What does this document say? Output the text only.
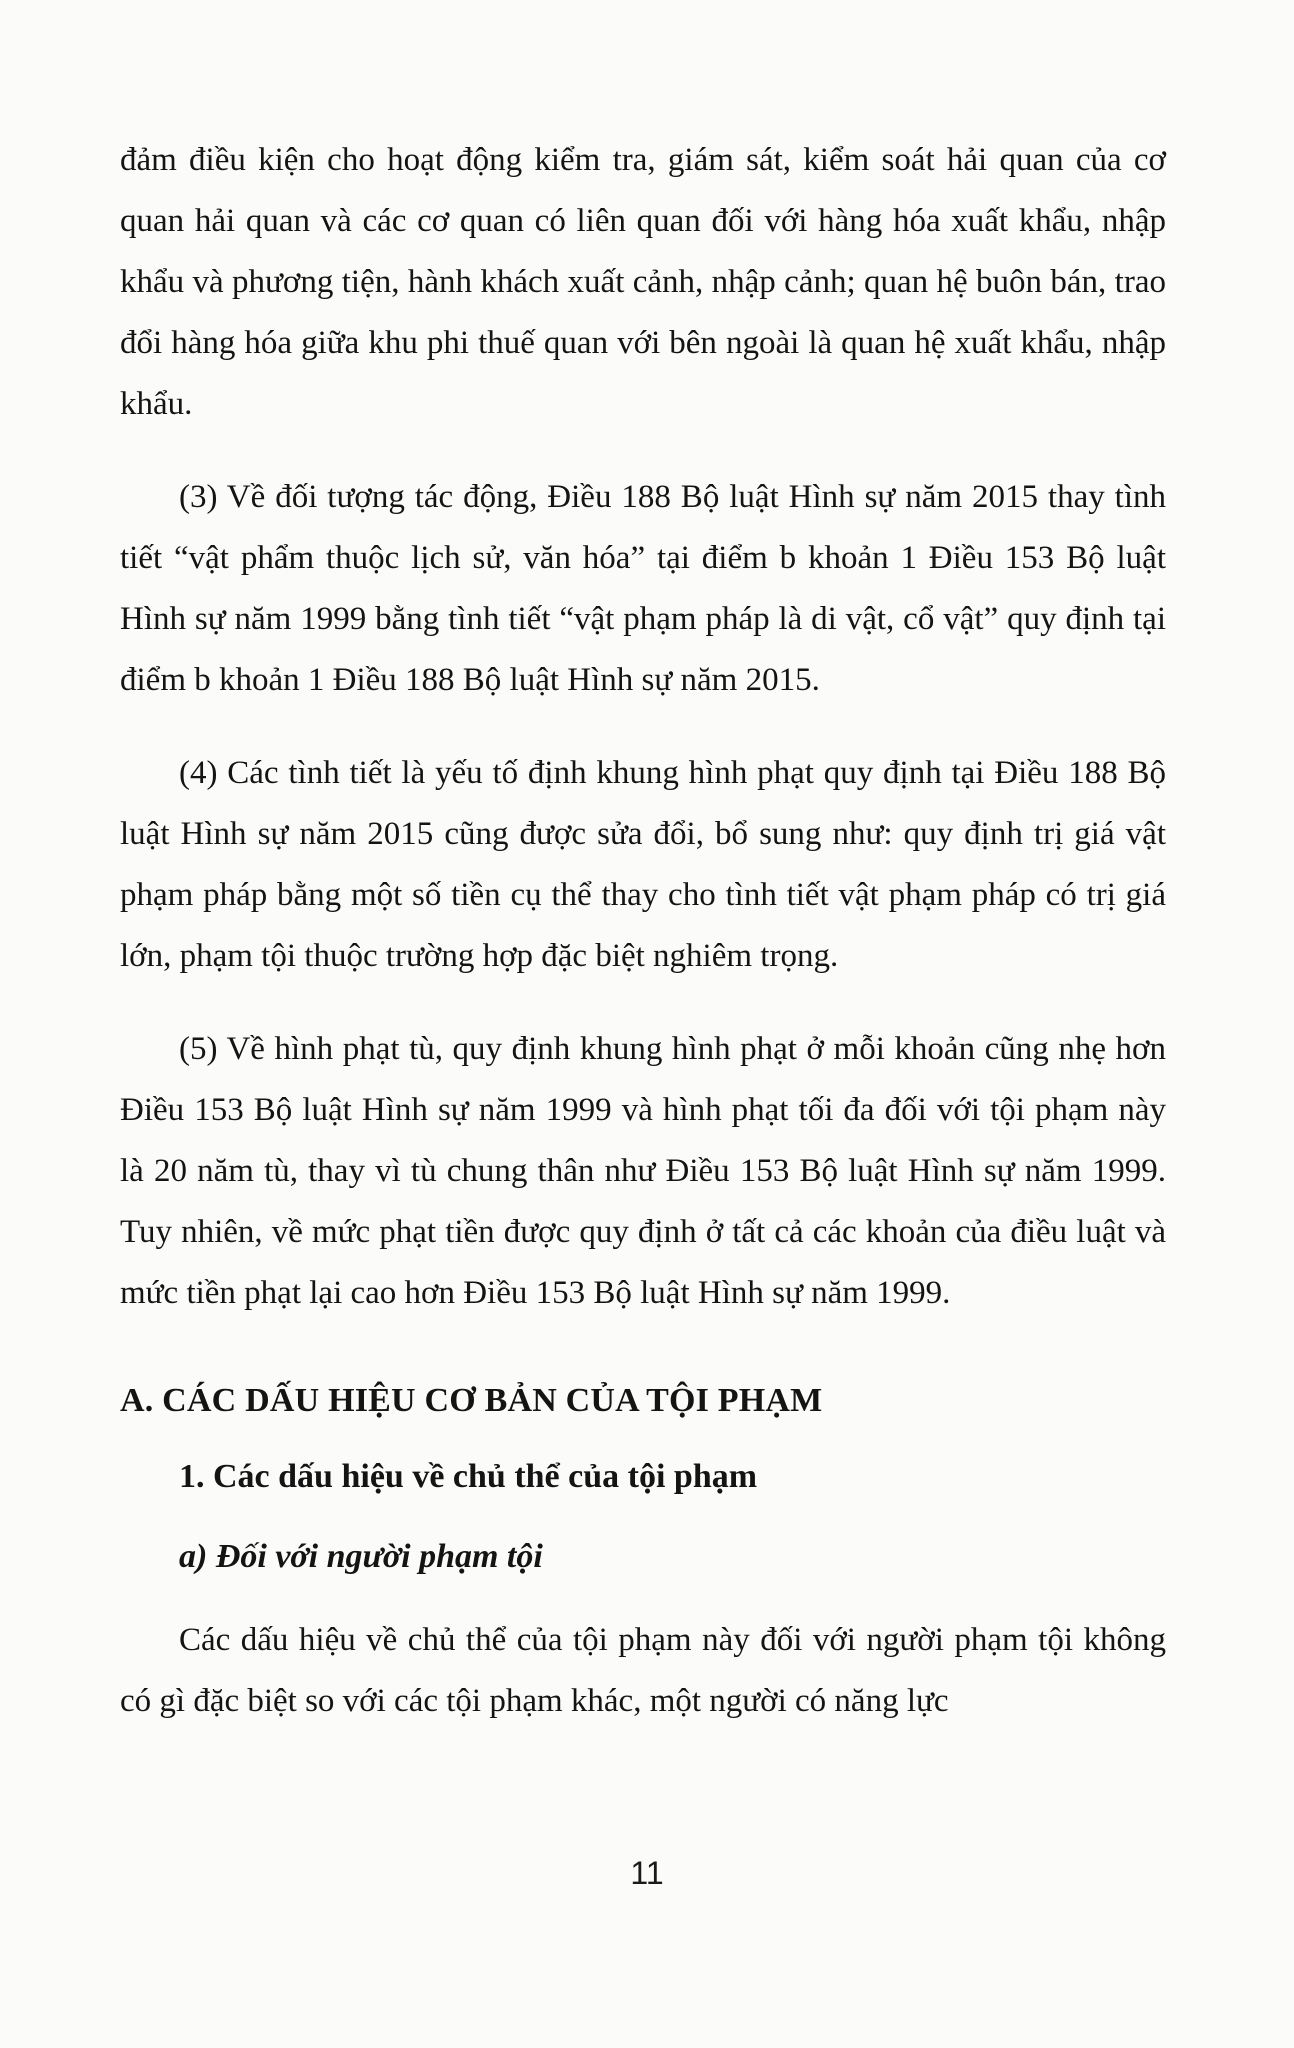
đảm điều kiện cho hoạt động kiểm tra, giám sát, kiểm soát hải quan của cơ quan hải quan và các cơ quan có liên quan đối với hàng hóa xuất khẩu, nhập khẩu và phương tiện, hành khách xuất cảnh, nhập cảnh; quan hệ buôn bán, trao đổi hàng hóa giữa khu phi thuế quan với bên ngoài là quan hệ xuất khẩu, nhập khẩu.

(3) Về đối tượng tác động, Điều 188 Bộ luật Hình sự năm 2015 thay tình tiết “vật phẩm thuộc lịch sử, văn hóa” tại điểm b khoản 1 Điều 153 Bộ luật Hình sự năm 1999 bằng tình tiết “vật phạm pháp là di vật, cổ vật” quy định tại điểm b khoản 1 Điều 188 Bộ luật Hình sự năm 2015.

(4) Các tình tiết là yếu tố định khung hình phạt quy định tại Điều 188 Bộ luật Hình sự năm 2015 cũng được sửa đổi, bổ sung như: quy định trị giá vật phạm pháp bằng một số tiền cụ thể thay cho tình tiết vật phạm pháp có trị giá lớn, phạm tội thuộc trường hợp đặc biệt nghiêm trọng.

(5) Về hình phạt tù, quy định khung hình phạt ở mỗi khoản cũng nhẹ hơn Điều 153 Bộ luật Hình sự năm 1999 và hình phạt tối đa đối với tội phạm này là 20 năm tù, thay vì tù chung thân như Điều 153 Bộ luật Hình sự năm 1999. Tuy nhiên, về mức phạt tiền được quy định ở tất cả các khoản của điều luật và mức tiền phạt lại cao hơn Điều 153 Bộ luật Hình sự năm 1999.

A. CÁC DẤU HIỆU CƠ BẢN CỦA TỘI PHẠM
1. Các dấu hiệu về chủ thể của tội phạm
a) Đối với người phạm tội

Các dấu hiệu về chủ thể của tội phạm này đối với người phạm tội không có gì đặc biệt so với các tội phạm khác, một người có năng lực

11
